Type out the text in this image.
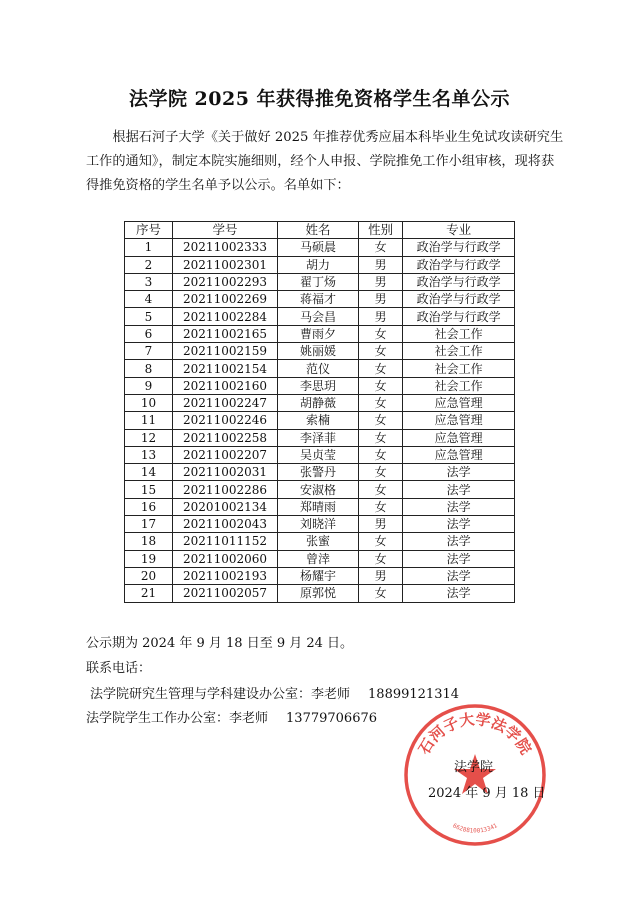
法学院 2025 年获得推免资格学生名单公示

根据石河子大学《关于做好 2025 年推荐优秀应届本科毕业生免试攻读研究生工作的通知》，制定本院实施细则，经个人申报、学院推免工作小组审核，现将获得推免资格的学生名单予以公示。名单如下：

序号	学号	姓名	性别	专业
1	20211002333	马硕晨	女	政治学与行政学
2	20211002301	胡力	男	政治学与行政学
3	20211002293	翟丁炀	男	政治学与行政学
4	20211002269	蒋福才	男	政治学与行政学
5	20211002284	马会昌	男	政治学与行政学
6	20211002165	曹雨夕	女	社会工作
7	20211002159	姚丽媛	女	社会工作
8	20211002154	范仪	女	社会工作
9	20211002160	李思玥	女	社会工作
10	20211002247	胡静薇	女	应急管理
11	20211002246	索楠	女	应急管理
12	20211002258	李泽菲	女	应急管理
13	20211002207	吴贞莹	女	应急管理
14	20211002031	张警丹	女	法学
15	20211002286	安淑格	女	法学
16	20201002134	郑晴雨	女	法学
17	20211002043	刘晓洋	男	法学
18	20211011152	张蜜	女	法学
19	20211002060	曾涬	女	法学
20	20211002193	杨耀宇	男	法学
21	20211002057	原郭悦	女	法学
公示期为 2024 年 9 月 18 日至 9 月 24 日。
联系电话：
法学院研究生管理与学科建设办公室：李老师 18899121314
法学院学生工作办公室：李老师 13779706676
石河子大学法学院
6628810013341
法学院
2024 年 9 月 18 日
